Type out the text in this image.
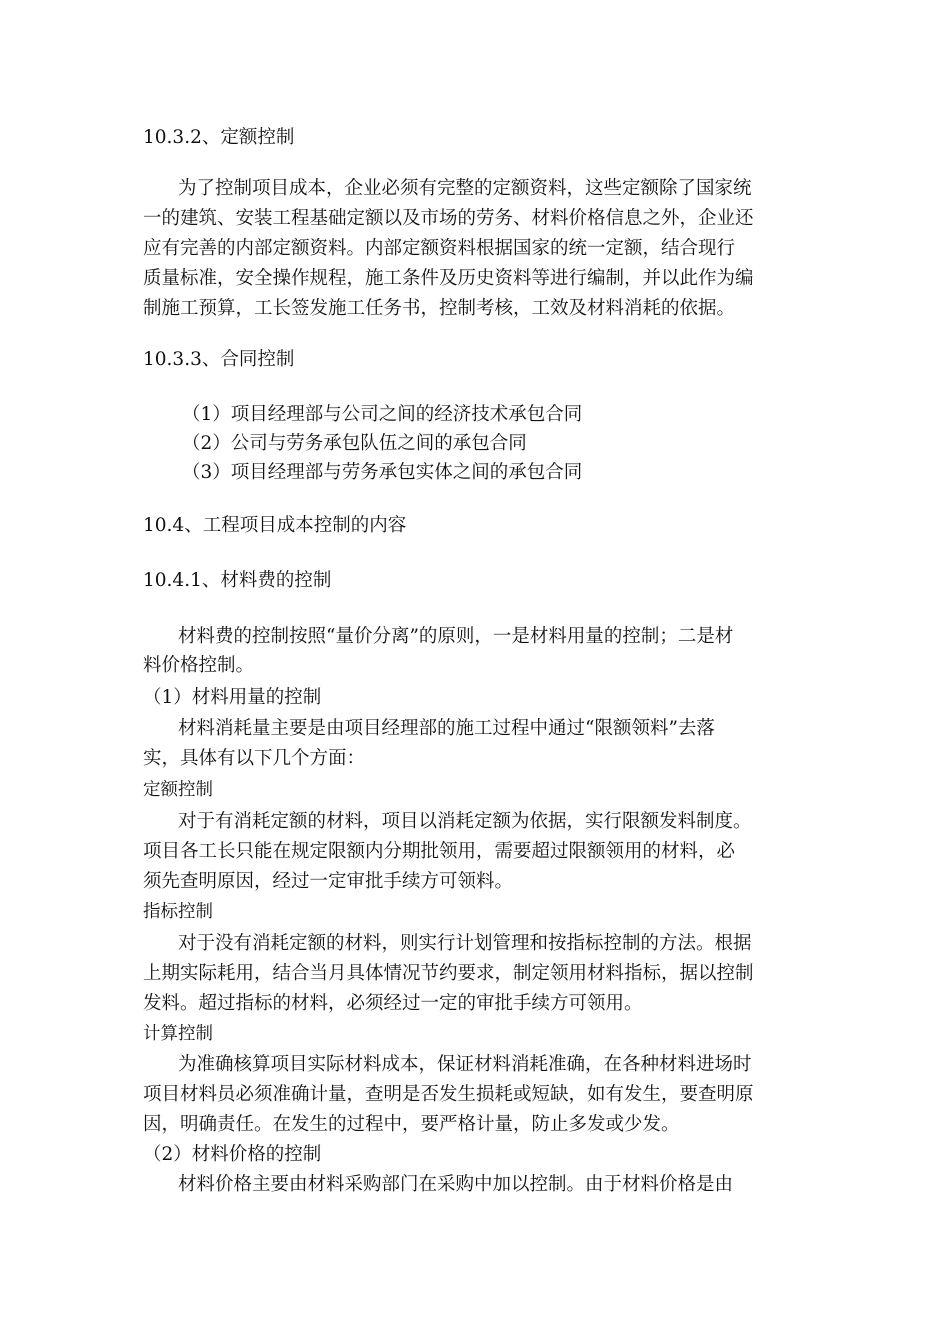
10.3.2、定额控制

为了控制项目成本，企业必须有完整的定额资料，这些定额除了国家统

一的建筑、安装工程基础定额以及市场的劳务、材料价格信息之外，企业还

应有完善的内部定额资料。内部定额资料根据国家的统一定额，结合现行

质量标准，安全操作规程，施工条件及历史资料等进行编制，并以此作为编

制施工预算，工长签发施工任务书，控制考核，工效及材料消耗的依据。

10.3.3、合同控制

（1）项目经理部与公司之间的经济技术承包合同

（2）公司与劳务承包队伍之间的承包合同

（3）项目经理部与劳务承包实体之间的承包合同

10.4、工程项目成本控制的内容

10.4.1、材料费的控制

材料费的控制按照“量价分离”的原则，一是材料用量的控制；二是材

料价格控制。

（1）材料用量的控制

材料消耗量主要是由项目经理部的施工过程中通过“限额领料”去落

实，具体有以下几个方面：

定额控制

对于有消耗定额的材料，项目以消耗定额为依据，实行限额发料制度。

项目各工长只能在规定限额内分期批领用，需要超过限额领用的材料，必

须先查明原因，经过一定审批手续方可领料。

指标控制

对于没有消耗定额的材料，则实行计划管理和按指标控制的方法。根据

上期实际耗用，结合当月具体情况节约要求，制定领用材料指标，据以控制

发料。超过指标的材料，必须经过一定的审批手续方可领用。

计算控制

为准确核算项目实际材料成本，保证材料消耗准确，在各种材料进场时

项目材料员必须准确计量，查明是否发生损耗或短缺，如有发生，要查明原

因，明确责任。在发生的过程中，要严格计量，防止多发或少发。

（2）材料价格的控制

材料价格主要由材料采购部门在采购中加以控制。由于材料价格是由
